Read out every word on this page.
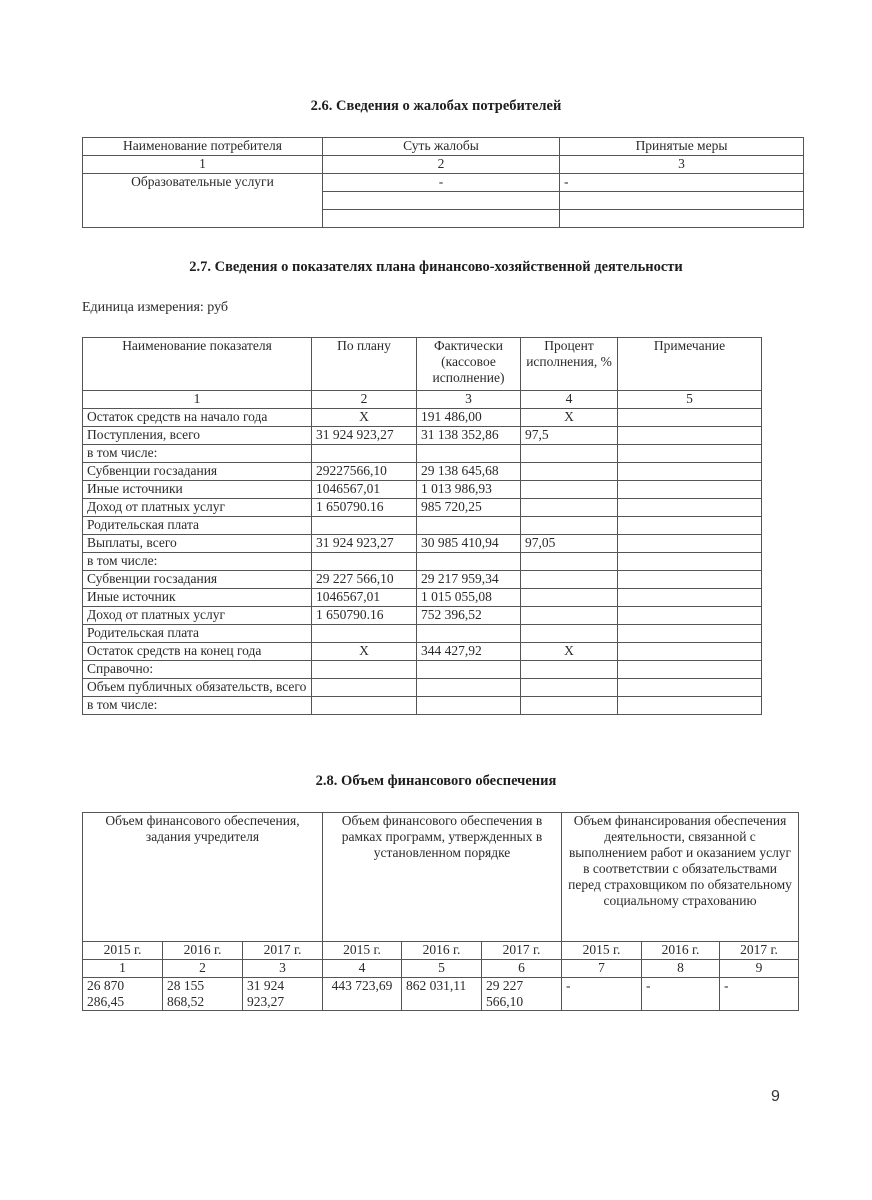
2.6. Сведения о жалобах потребителей
Наименование потребителя	Суть жалобы	Принятые меры
1	2	3
Образовательные услуги	-	-

2.7. Сведения о показателях плана финансово-хозяйственной деятельности
Единица измерения: руб
Наименование показателя	По плану	Фактически (кассовое исполнение)	Процент исполнения, %	Примечание
1	2	3	4	5
Остаток средств на начало года	X	191 486,00	X	
Поступления, всего	31 924 923,27	31 138 352,86	97,5	
в том числе:				
Субвенции госзадания	29227566,10	29 138 645,68		
Иные источники	1046567,01	1 013 986,93		
Доход от платных услуг	1 650790.16	985 720,25		
Родительская плата				
Выплаты, всего	31 924 923,27	30 985 410,94	97,05	
в том числе:				
Субвенции госзадания	29 227 566,10	29 217 959,34		
Иные источник	1046567,01	1 015 055,08		
Доход от платных услуг	1 650790.16	752 396,52		
Родительская плата				
Остаток средств на конец года	X	344 427,92	X	
Справочно:				
Объем публичных обязательств, всего				
в том числе:				
2.8. Объем финансового обеспечения
Объем финансового обеспечения, задания учредителя			Объем финансового обеспечения в рамках программ, утвержденных в установленном порядке			Объем финансирования обеспечения деятельности, связанной с выполнением работ и оказанием услуг в соответствии с обязательствами перед страховщиком по обязательному социальному страхованию		
2015 г.	2016 г.	2017 г.	2015 г.	2016 г.	2017 г.	2015 г.	2016 г.	2017 г.
1	2	3	4	5	6	7	8	9
26 870 286,45	28 155 868,52	31 924 923,27	443 723,69	862 031,11	29 227 566,10	-	-	-
9
